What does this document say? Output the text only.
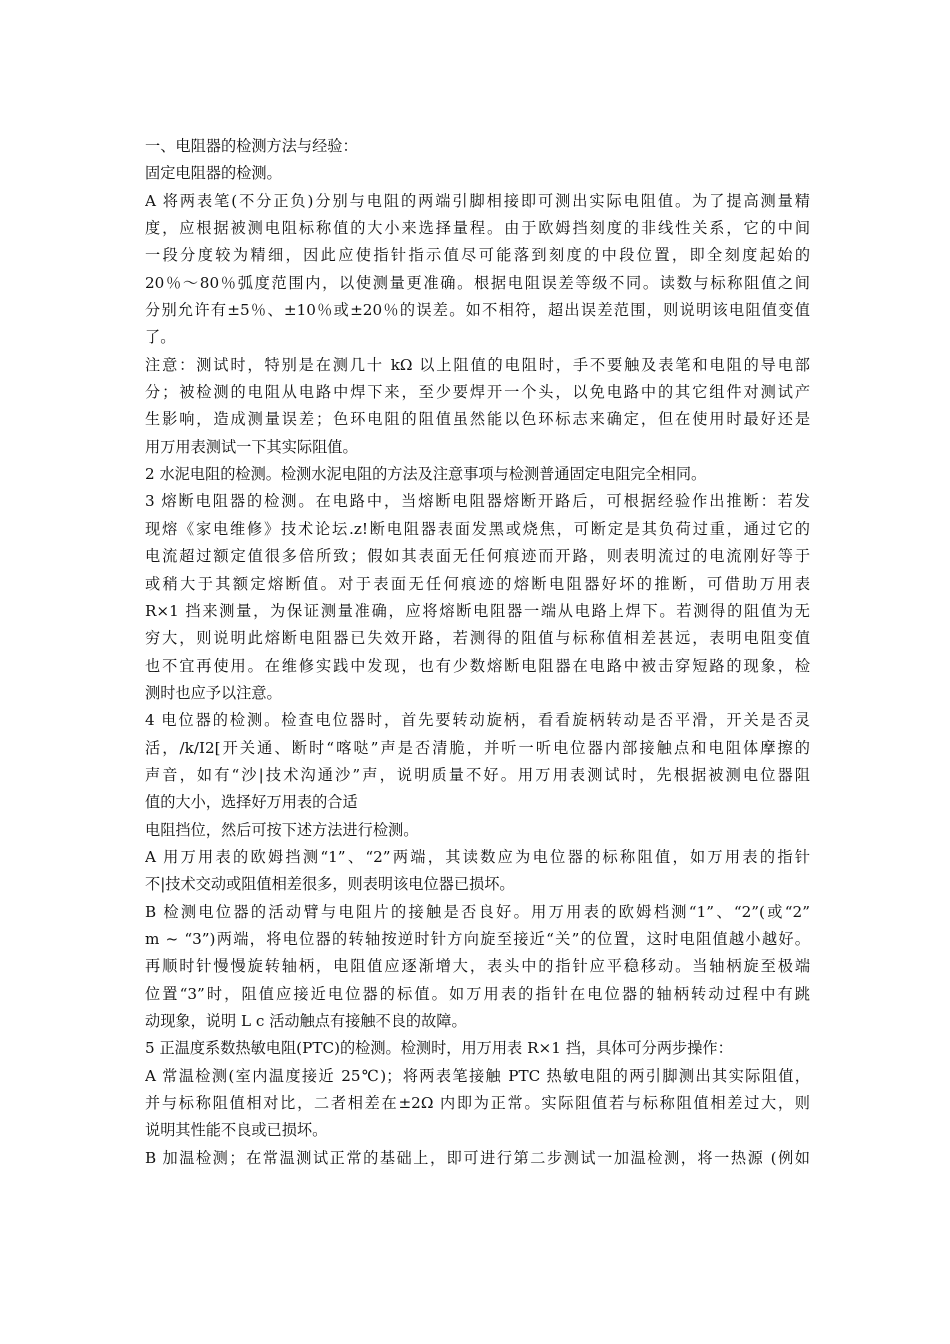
一、电阻器的检测方法与经验：
固定电阻器的检测。
A 将两表笔(不分正负)分别与电阻的两端引脚相接即可测出实际电阻值。为了提高测量精
度，应根据被测电阻标称值的大小来选择量程。由于欧姆挡刻度的非线性关系，它的中间
一段分度较为精细，因此应使指针指示值尽可能落到刻度的中段位置，即全刻度起始的
20％～80％弧度范围内，以使测量更准确。根据电阻误差等级不同。读数与标称阻值之间
分别允许有±5％、±10％或±20％的误差。如不相符，超出误差范围，则说明该电阻值变值
了。
注意：测试时，特别是在测几十 kΩ 以上阻值的电阻时，手不要触及表笔和电阻的导电部
分；被检测的电阻从电路中焊下来，至少要焊开一个头，以免电路中的其它组件对测试产
生影响，造成测量误差；色环电阻的阻值虽然能以色环标志来确定，但在使用时最好还是
用万用表测试一下其实际阻值。
2 水泥电阻的检测。检测水泥电阻的方法及注意事项与检测普通固定电阻完全相同。
3 熔断电阻器的检测。在电路中，当熔断电阻器熔断开路后，可根据经验作出推断：若发
现熔《家电维修》技术论坛.z!断电阻器表面发黑或烧焦，可断定是其负荷过重，通过它的
电流超过额定值很多倍所致；假如其表面无任何痕迹而开路，则表明流过的电流刚好等于
或稍大于其额定熔断值。对于表面无任何痕迹的熔断电阻器好坏的推断，可借助万用表
R×1 挡来测量，为保证测量准确，应将熔断电阻器一端从电路上焊下。若测得的阻值为无
穷大，则说明此熔断电阻器已失效开路，若测得的阻值与标称值相差甚远，表明电阻变值
也不宜再使用。在维修实践中发现，也有少数熔断电阻器在电路中被击穿短路的现象，检
测时也应予以注意。
4 电位器的检测。检查电位器时，首先要转动旋柄，看看旋柄转动是否平滑，开关是否灵
活，/k/I2[开关通、断时“喀哒”声是否清脆，并听一听电位器内部接触点和电阻体摩擦的
声音，如有“沙|技术沟通沙”声，说明质量不好。用万用表测试时，先根据被测电位器阻
值的大小，选择好万用表的合适
电阻挡位，然后可按下述方法进行检测。
A 用万用表的欧姆挡测“1”、“2”两端，其读数应为电位器的标称阻值，如万用表的指针
不|技术交动或阻值相差很多，则表明该电位器已损坏。
B 检测电位器的活动臂与电阻片的接触是否良好。用万用表的欧姆档测“1”、“2”(或“2”
m ~ “3”)两端，将电位器的转轴按逆时针方向旋至接近“关”的位置，这时电阻值越小越好。
再顺时针慢慢旋转轴柄，电阻值应逐渐增大，表头中的指针应平稳移动。当轴柄旋至极端
位置“3”时，阻值应接近电位器的标值。如万用表的指针在电位器的轴柄转动过程中有跳
动现象，说明 L c 活动触点有接触不良的故障。
5 正温度系数热敏电阻(PTC)的检测。检测时，用万用表 R×1 挡，具体可分两步操作：
A 常温检测(室内温度接近 25℃)；将两表笔接触 PTC 热敏电阻的两引脚测出其实际阻值，
并与标称阻值相对比，二者相差在±2Ω 内即为正常。实际阻值若与标称阻值相差过大，则
说明其性能不良或已损坏。
B 加温检测；在常温测试正常的基础上，即可进行第二步测试一加温检测，将一热源 (例如
